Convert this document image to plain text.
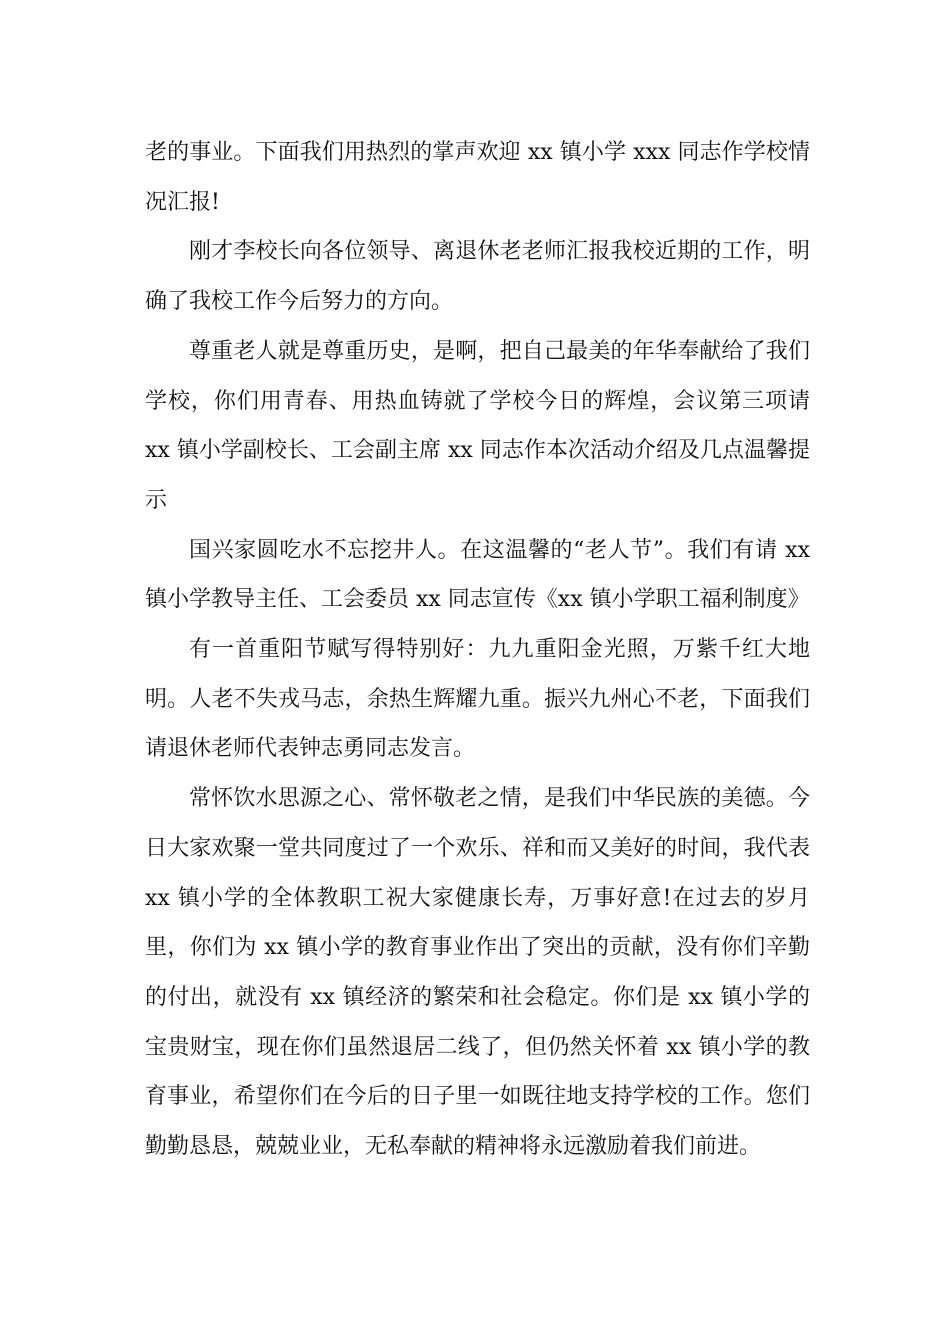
老的事业。下面我们用热烈的掌声欢迎 xx 镇小学 xxx 同志作学校情况汇报!

刚才李校长向各位领导、离退休老老师汇报我校近期的工作，明确了我校工作今后努力的方向。

尊重老人就是尊重历史，是啊，把自己最美的年华奉献给了我们学校，你们用青春、用热血铸就了学校今日的辉煌，会议第三项请 xx 镇小学副校长、工会副主席 xx 同志作本次活动介绍及几点温馨提示

国兴家圆吃水不忘挖井人。在这温馨的“老人节”。我们有请 xx 镇小学教导主任、工会委员 xx 同志宣传《xx 镇小学职工福利制度》

有一首重阳节赋写得特别好：九九重阳金光照，万紫千红大地明。人老不失戎马志，余热生辉耀九重。振兴九州心不老，下面我们请退休老师代表钟志勇同志发言。

常怀饮水思源之心、常怀敬老之情，是我们中华民族的美德。今日大家欢聚一堂共同度过了一个欢乐、祥和而又美好的时间，我代表 xx 镇小学的全体教职工祝大家健康长寿，万事好意!在过去的岁月里，你们为 xx 镇小学的教育事业作出了突出的贡献，没有你们辛勤的付出，就没有 xx 镇经济的繁荣和社会稳定。你们是 xx 镇小学的宝贵财宝，现在你们虽然退居二线了，但仍然关怀着 xx 镇小学的教育事业，希望你们在今后的日子里一如既往地支持学校的工作。您们勤勤恳恳，兢兢业业，无私奉献的精神将永远激励着我们前进。
